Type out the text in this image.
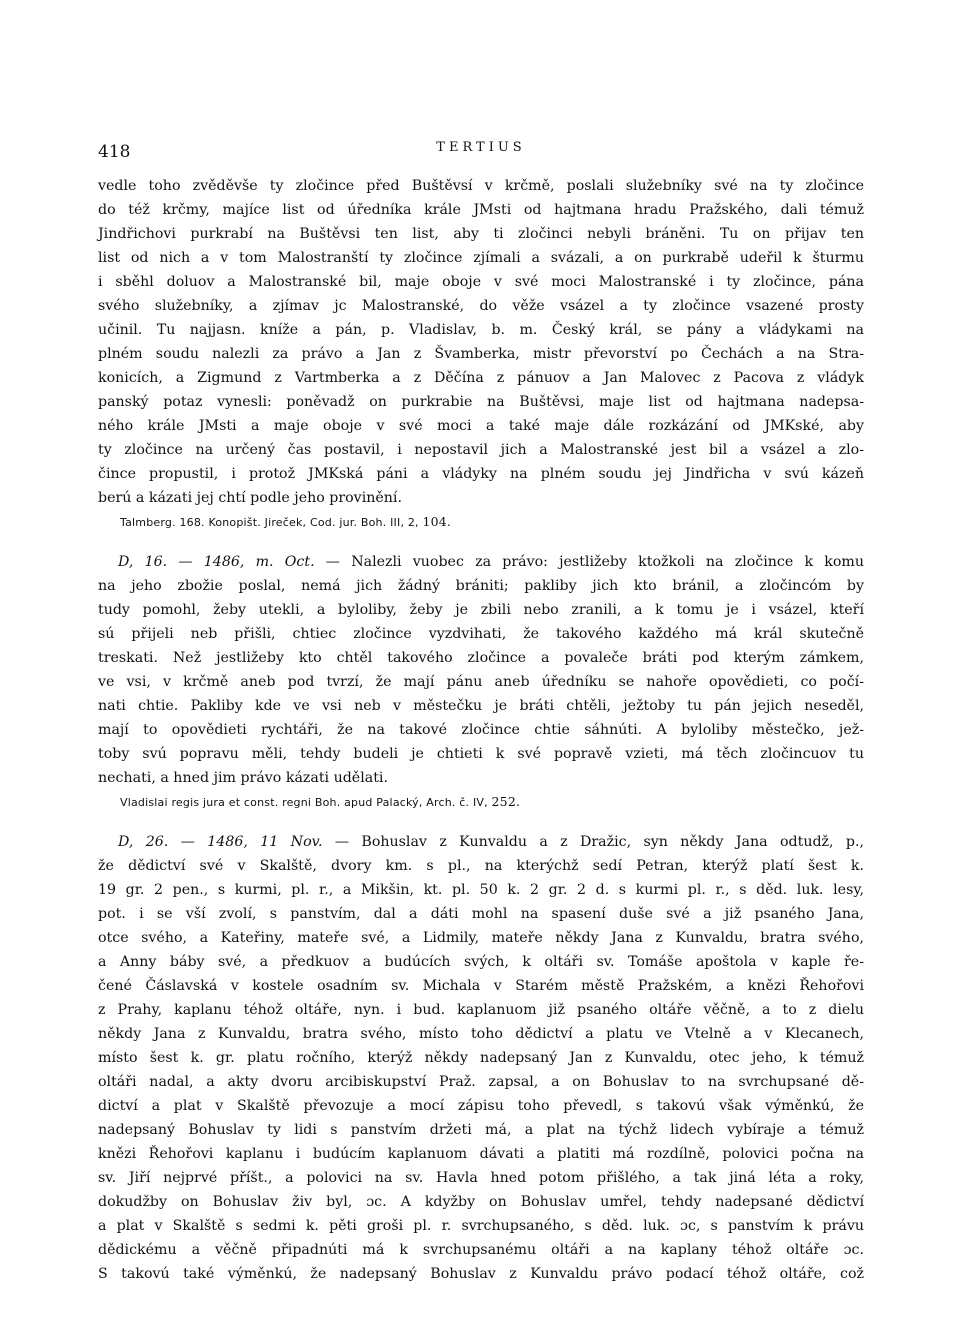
418	TERTIUS
vedle toho zvěděvše ty zločince před Buštěvsí v krčmě, poslali služebníky své na ty zločince
do též krčmy, majíce list od úředníka krále JMsti od hajtmana hradu Pražského, dali témuž
Jindřichovi purkrabí na Buštěvsi ten list, aby ti zločinci nebyli bráněni. Tu on přijav ten
list od nich a v tom Malostranští ty zločince zjímali a svázali, a on purkrabě udeřil k šturmu
i sběhl doluov a Malostranské bil, maje oboje v své moci Malostranské i ty zločince, pána
svého služebníky, a zjímav jc Malostranské, do věže vsázel a ty zločince vsazené prosty
učinil. Tu najjasn. kníže a pán, p. Vladislav, b. m. Český král, se pány a vládykami na
plném soudu nalezli za právo a Jan z Švamberka, mistr převorství po Čechách a na Stra-
konicích, a Zigmund z Vartmberka a z Děčína z pánuov a Jan Malovec z Pacova z vládyk
panský potaz vynesli: poněvadž on purkrabie na Buštěvsi, maje list od hajtmana nadepsa-
ného krále JMsti a maje oboje v své moci a také maje dále rozkázání od JMKské, aby
ty zločince na určený čas postavil, i nepostavil jich a Malostranské jest bil a vsázel a zlo-
čince propustil, i protož JMKská páni a vládyky na plném soudu jej Jindřicha v svú kázeň
berú a kázati jej chtí podle jeho provinění.
Talmberg. 168. Konopišt. Jireček, Cod. jur. Boh. III, 2, 104.
D, 16. — 1486, m. Oct. — Nalezli vuobec za právo: jestližeby ktožkoli na zločince k komu
na jeho zbožie poslal, nemá jich žádný brániti; pakliby jich kto bránil, a zločincóm by
tudy pomohl, žeby utekli, a byloliby, žeby je zbili nebo zranili, a k tomu je i vsázel, kteří
sú přijeli neb přišli, chtiec zločince vyzdvihati, že takového každého má král skutečně
treskati. Než jestližeby kto chtěl takového zločince a povaleče bráti pod kterým zámkem,
ve vsi, v krčmě aneb pod tvrzí, že mají pánu aneb úředníku se nahoře opovědieti, co počí-
nati chtie. Pakliby kde ve vsi neb v městečku je bráti chtěli, ježtoby tu pán jejich neseděl,
mají to opovědieti rychtáři, že na takové zločince chtie sáhnúti. A byloliby městečko, jež-
toby svú popravu měli, tehdy budeli je chtieti k své popravě vzieti, má těch zločincuov tu
nechati, a hned jim právo kázati udělati.
Vladislai regis jura et const. regni Boh. apud Palacký, Arch. č. IV, 252.
D, 26. — 1486, 11 Nov. — Bohuslav z Kunvaldu a z Dražic, syn někdy Jana odtudž, p.,
že dědictví své v Skalště, dvory km. s pl., na kterýchž sedí Petran, kterýž platí šest k.
19 gr. 2 pen., s kurmi, pl. r., a Mikšin, kt. pl. 50 k. 2 gr. 2 d. s kurmi pl. r., s děd. luk. lesy,
pot. i se vší zvolí, s panstvím, dal a dáti mohl na spasení duše své a již psaného Jana,
otce svého, a Kateřiny, mateře své, a Lidmily, mateře někdy Jana z Kunvaldu, bratra svého,
a Anny báby své, a předkuov a budúcích svých, k oltáři sv. Tomáše apoštola v kaple ře-
čené Čáslavská v kostele osadním sv. Michala v Starém městě Pražském, a knězi Řehořovi
z Prahy, kaplanu téhož oltáře, nyn. i bud. kaplanuom již psaného oltáře věčně, a to z dielu
někdy Jana z Kunvaldu, bratra svého, místo toho dědictví a platu ve Vtelně a v Klecanech,
místo šest k. gr. platu ročního, kterýž někdy nadepsaný Jan z Kunvaldu, otec jeho, k témuž
oltáři nadal, a akty dvoru arcibiskupství Praž. zapsal, a on Bohuslav to na svrchupsané dě-
dictví a plat v Skalště převozuje a mocí zápisu toho převedl, s takovú však výměnkú, že
nadepsaný Bohuslav ty lidi s panstvím držeti má, a plat na týchž lidech vybíraje a témuž
knězi Řehořovi kaplanu i budúcím kaplanuom dávati a platiti má rozdílně, polovici počna na
sv. Jiří nejprvé příšt., a polovici na sv. Havla hned potom přišlého, a tak jiná léta a roky,
dokudžby on Bohuslav živ byl, ɔc. A kdyžby on Bohuslav umřel, tehdy nadepsané dědictví
a plat v Skalště s sedmi k. pěti groši pl. r. svrchupsaného, s děd. luk. ɔc, s panstvím k právu
dědickému a věčně připadnúti má k svrchupsanému oltáři a na kaplany téhož oltáře ɔc.
S takovú také výměnkú, že nadepsaný Bohuslav z Kunvaldu právo podací téhož oltáře, což
